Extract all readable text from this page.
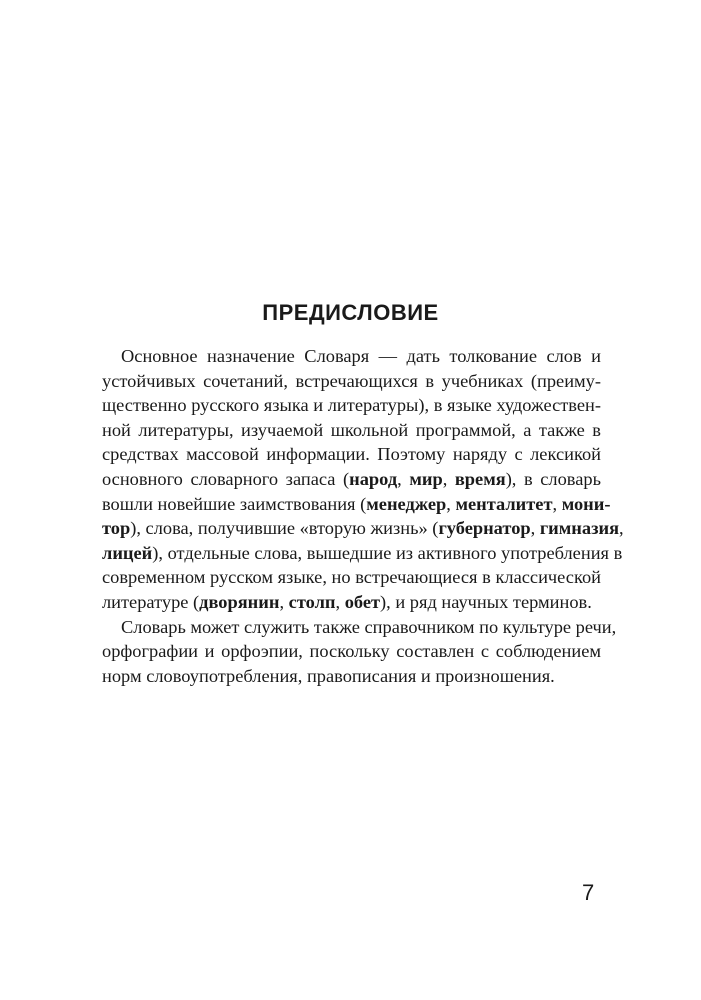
ПРЕДИСЛОВИЕ
Основное назначение Словаря — дать толкование слов и
устойчивых сочетаний, встречающихся в учебниках (преиму-
щественно русского языка и литературы), в языке художествен-
ной литературы, изучаемой школьной программой, а также в
средствах массовой информации. Поэтому наряду с лексикой
основного словарного запаса (народ, мир, время), в словарь
вошли новейшие заимствования (менеджер, менталитет, мони-
тор), слова, получившие «вторую жизнь» (губернатор, гимназия,
лицей), отдельные слова, вышедшие из активного употребления в
современном русском языке, но встречающиеся в классической
литературе (дворянин, столп, обет), и ряд научных терминов.
Словарь может служить также справочником по культуре речи,
орфографии и орфоэпии, поскольку составлен с соблюдением
норм словоупотребления, правописания и произношения.
7
